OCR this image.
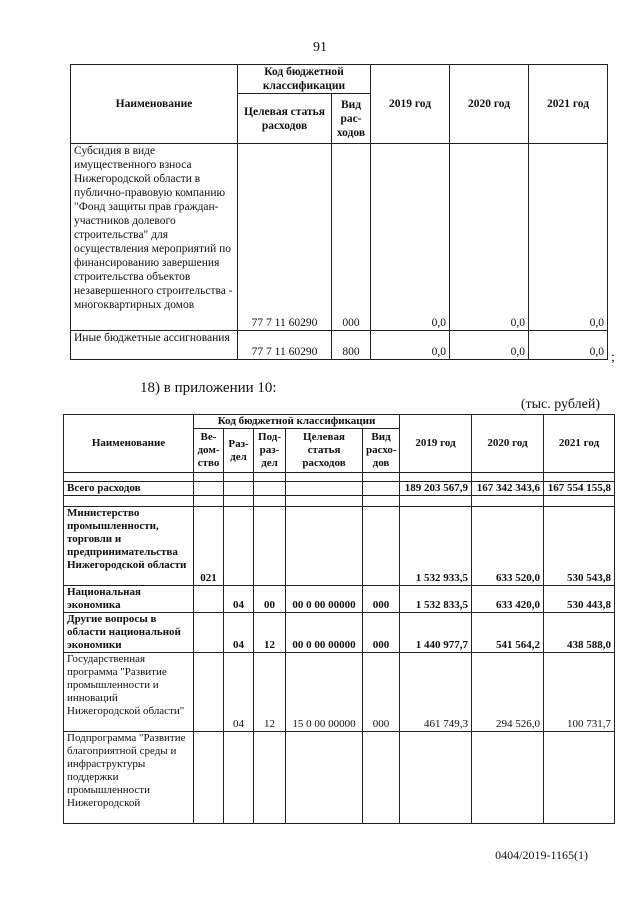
91
Наименование	Код бюджетной классификации		2019 год	2020 год	2021 год
	Целевая статья расходов	Вид рас-ходов			
Субсидия в виде имущественного взноса Нижегородской области в публично-правовую компанию "Фонд защиты прав граждан-участников долевого строительства" для осуществления мероприятий по финансированию завершения строительства объектов незавершенного строительства - многоквартирных домов	77 7 11 60290	000	0,0	0,0	0,0
Иные бюджетные ассигнования	77 7 11 60290	800	0,0	0,0	0,0 ;
18) в приложении 10:
(тыс. рублей)
Наименование	Код бюджетной классификации					2019 год	2020 год	2021 год
	Ве-дом-ство	Раз-дел	Под-раз-дел	Целевая статья расходов	Вид расхо-дов			

Всего расходов						189 203 567,9	167 342 343,6	167 554 155,8

Министерство промышленности, торговли и предпринимательства Нижегородской области	021					1 532 933,5	633 520,0	530 543,8
Национальная экономика		04	00	00 0 00 00000	000	1 532 833,5	633 420,0	530 443,8
Другие вопросы в области национальной экономики		04	12	00 0 00 00000	000	1 440 977,7	541 564,2	438 588,0
Государственная программа "Развитие промышленности и инноваций Нижегородской области"		04	12	15 0 00 00000	000	461 749,3	294 526,0	100 731,7
Подпрограмма "Развитие благоприятной среды и инфраструктуры поддержки промышленности Нижегородской								
0404/2019-1165(1)
